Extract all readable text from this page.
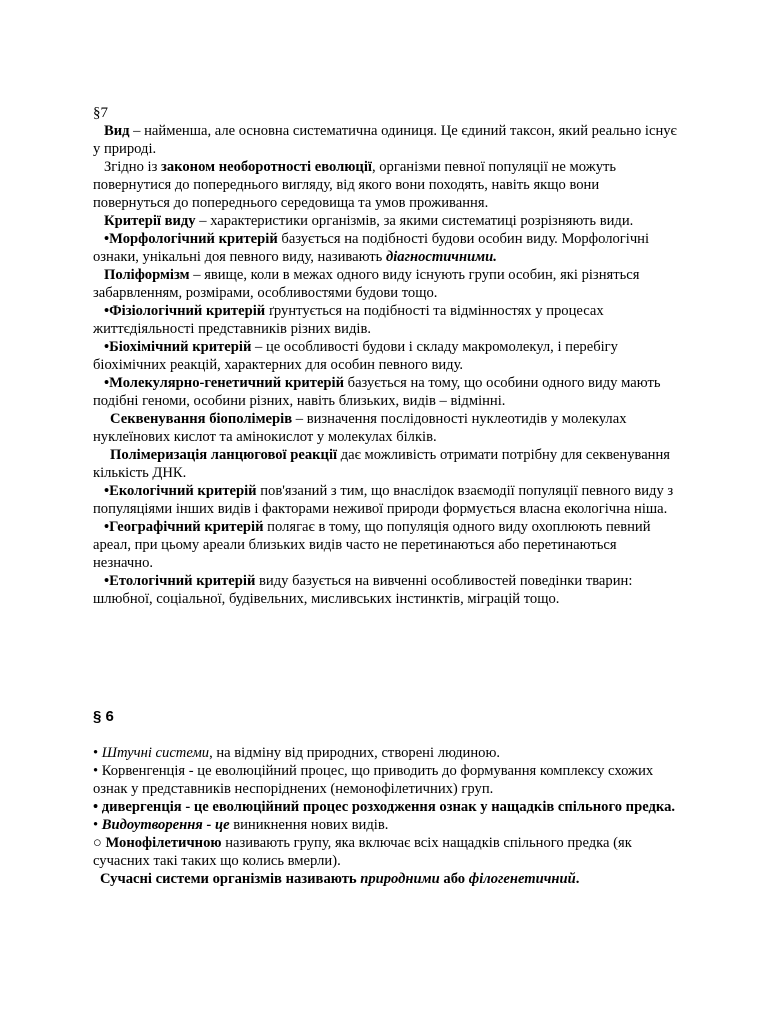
§7

Вид – найменша, але основна систематична одиниця. Це єдиний таксон, який реально існує у природі.

Згідно із законом необоротності еволюції, організми певної популяції не можуть повернутися до попереднього вигляду, від якого вони походять, навіть якщо вони повернуться до попереднього середовища та умов проживання.

Критерії виду – характеристики організмів, за якими систематиці розрізняють види.

•Морфологічний критерій базується на подібності будови особин виду. Морфологічні ознаки, унікальні доя певного виду, називають діагностичними.

Поліформізм – явище, коли в межах одного виду існують групи особин, які різняться забарвленням, розмірами, особливостями будови тощо.

•Фізіологічний критерій ґрунтується на подібності та відмінностях у процесах життєдіяльності представників різних видів.

•Біохімічний критерій – це особливості будови і складу макромолекул, і перебігу біохімічних реакцій, характерних для особин певного виду.

•Молекулярно-генетичний критерій базується на тому, що особини одного виду мають подібні геноми, особини різних, навіть близьких, видів – відмінні.

Секвенування біополімерів – визначення послідовності нуклеотидів у молекулах нуклеїнових кислот та амінокислот у молекулах білків.

Полімеризація ланцюгової реакції дає можливість отримати потрібну для секвенування кількість ДНК.

•Екологічний критерій пов'язаний з тим, що внаслідок взаємодії популяції певного виду з популяціями інших видів і факторами неживої природи формується власна екологічна ніша.

•Географічний критерій полягає в тому, що популяція одного виду охоплюють певний ареал, при цьому ареали близьких видів часто не перетинаються або перетинаються незначно.

•Етологічний критерій виду базується на вивченні особливостей поведінки тварин: шлюбної, соціальної, будівельних, мисливських інстинктів, міграцій тощо.

§ 6

• Штучні системи, на відміну від природних, створені людиною.

• Корвенгенція - це еволюційний процес, що приводить до формування комплексу схожих ознак у представників неспоріднених (немонофілетичних) груп.

• дивергенція - це еволюційний процес розходження ознак у нащадків спільного предка.

• Видоутворення - це виникнення нових видів.

○ Монофілетичною називають групу, яка включає всіх нащадків спільного предка (як сучасних такі таких що колись вмерли).

Сучасні системи організмів називають природними або філогенетичний.
